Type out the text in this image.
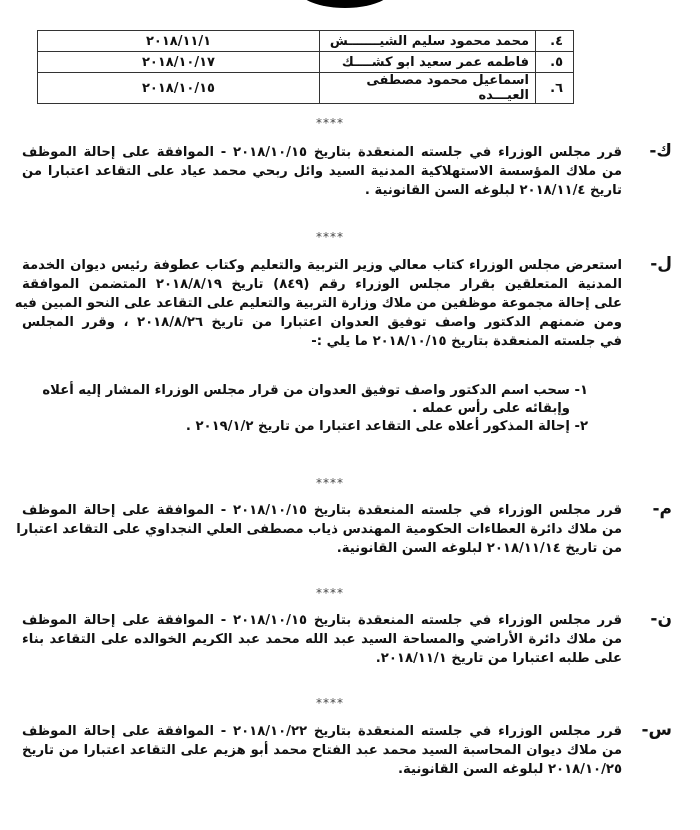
٤.	محمد محمود سليم الشيـــــــش	٢٠١٨/١١/١
٥.	فاطمه عمر سعيد ابو كشــــك	٢٠١٨/١٠/١٧
٦.	اسماعيل محمود مصطفى العيـــده	٢٠١٨/١٠/١٥
****
ك-
قرر مجلس الوزراء في جلسته المنعقدة بتاريخ ٢٠١٨/١٠/١٥ - الموافقة على إحالة الموظف
من ملاك المؤسسة الاستهلاكية المدنية السيد وائل ربحي محمد عياد على التقاعد اعتبارا من
تاريخ ٢٠١٨/١١/٤ لبلوغه السن القانونية .
****
ل-
استعرض مجلس الوزراء كتاب معالي وزير التربية والتعليم وكتاب عطوفة رئيس ديوان الخدمة
المدنية المتعلقين بقرار مجلس الوزراء رقم (٨٤٩) تاريخ ٢٠١٨/٨/١٩ المتضمن الموافقة
على إحالة مجموعة موظفين من ملاك وزارة التربية والتعليم على التقاعد على النحو المبين فيه
ومن ضمنهم الدكتور واصف توفيق العدوان اعتبارا من تاريخ ٢٠١٨/٨/٢٦ ، وقرر المجلس
في جلسته المنعقدة بتاريخ ٢٠١٨/١٠/١٥ ما يلي :-
١- سحب اسم الدكتور واصف توفيق العدوان من قرار مجلس الوزراء المشار إليه أعلاه
وإبقائه على رأس عمله .
٢- إحالة المذكور أعلاه على التقاعد اعتبارا من تاريخ ٢٠١٩/١/٢ .
****
م-
قرر مجلس الوزراء في جلسته المنعقدة بتاريخ ٢٠١٨/١٠/١٥ - الموافقة على إحالة الموظف
من ملاك دائرة العطاءات الحكومية المهندس ذياب مصطفى العلي النجداوي على التقاعد اعتبارا
من تاريخ ٢٠١٨/١١/١٤ لبلوغه السن القانونية.
****
ن-
قرر مجلس الوزراء في جلسته المنعقدة بتاريخ ٢٠١٨/١٠/١٥ - الموافقة على إحالة الموظف
من ملاك دائرة الأراضي والمساحة السيد عبد الله محمد عبد الكريم الخوالده على التقاعد بناء
على طلبه اعتبارا من تاريخ ٢٠١٨/١١/١.
****
س-
قرر مجلس الوزراء في جلسته المنعقدة بتاريخ ٢٠١٨/١٠/٢٢ - الموافقة على إحالة الموظف
من ملاك ديوان المحاسبة السيد محمد عبد الفتاح محمد أبو هزيم على التقاعد اعتبارا من تاريخ
٢٠١٨/١٠/٢٥ لبلوغه السن القانونية.
